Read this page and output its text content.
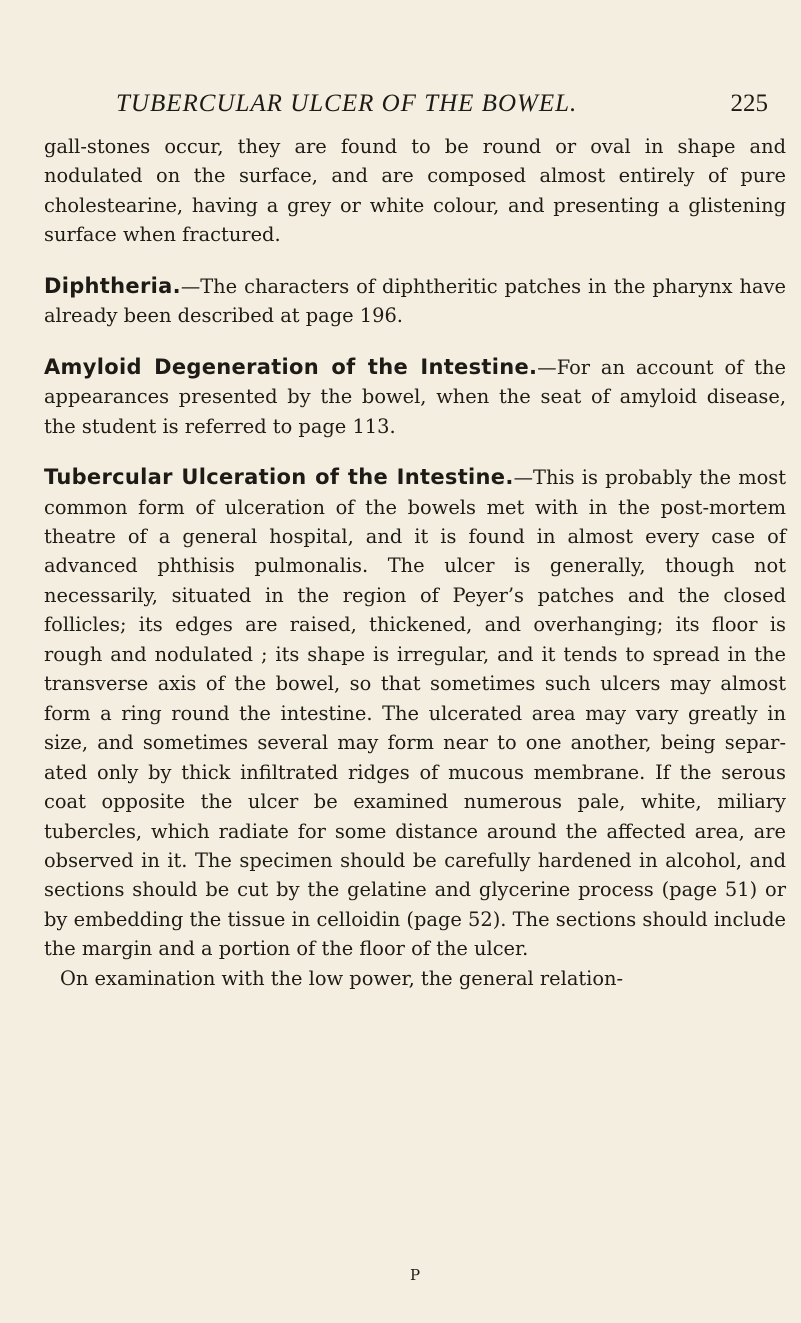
TUBERCULAR ULCER OF THE BOWEL.	225

gall-stones occur, they are found to be round or oval in shape and nodulated on the surface, and are composed almost entirely of pure cholestearine, having a grey or white colour, and presenting a glistening surface when fractured.

Diphtheria.—The characters of diphtheritic patches in the pharynx have already been described at page 196.

Amyloid Degeneration of the Intestine.—For an account of the appearances presented by the bowel, when the seat of amyloid disease, the student is referred to page 113.

Tubercular Ulceration of the Intestine.—This is probably the most common form of ulceration of the bowels met with in the post-mortem theatre of a general hospital, and it is found in almost every case of advanced phthisis pulmonalis. The ulcer is generally, though not necessarily, situated in the region of Peyer’s patches and the closed follicles; its edges are raised, thickened, and overhanging; its floor is rough and nodulated ; its shape is irregular, and it tends to spread in the transverse axis of the bowel, so that sometimes such ulcers may almost form a ring round the intestine. The ulcerated area may vary greatly in size, and sometimes several may form near to one another, being separated only by thick infiltrated ridges of mucous membrane. If the serous coat opposite the ulcer be examined numerous pale, white, miliary tubercles, which radiate for some distance around the affected area, are observed in it. The specimen should be carefully hardened in alcohol, and sections should be cut by the gelatine and glycerine process (page 51) or by embedding the tissue in celloidin (page 52). The sections should include the margin and a portion of the floor of the ulcer.

On examination with the low power, the general relation-

P
